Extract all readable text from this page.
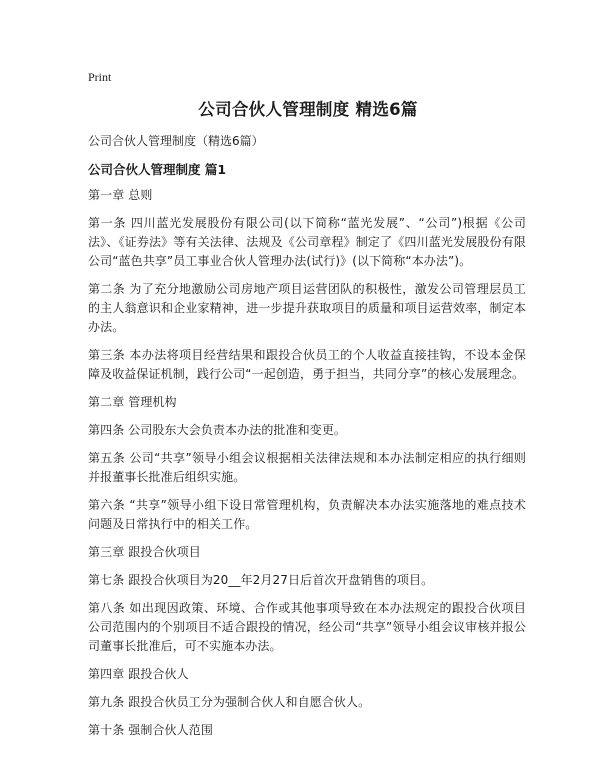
Print
公司合伙人管理制度 精选6篇
公司合伙人管理制度（精选6篇）
公司合伙人管理制度 篇1

第一章 总则

第一条 四川蓝光发展股份有限公司(以下简称“蓝光发展”、“公司”)根据《公司法》、《证券法》等有关法律、法规及《公司章程》制定了《四川蓝光发展股份有限公司“蓝色共享”员工事业合伙人管理办法(试行)》(以下简称“本办法”)。

第二条 为了充分地激励公司房地产项目运营团队的积极性，激发公司管理层员工的主人翁意识和企业家精神，进一步提升获取项目的质量和项目运营效率，制定本办法。

第三条 本办法将项目经营结果和跟投合伙员工的个人收益直接挂钩，不设本金保障及收益保证机制，践行公司“一起创造，勇于担当，共同分享”的核心发展理念。

第二章 管理机构

第四条 公司股东大会负责本办法的批准和变更。

第五条 公司“共享”领导小组会议根据相关法律法规和本办法制定相应的执行细则并报董事长批准后组织实施。

第六条 “共享”领导小组下设日常管理机构，负责解决本办法实施落地的难点技术问题及日常执行中的相关工作。

第三章 跟投合伙项目

第七条 跟投合伙项目为20__年2月27日后首次开盘销售的项目。

第八条 如出现因政策、环境、合作或其他事项导致在本办法规定的跟投合伙项目公司范围内的个别项目不适合跟投的情况，经公司“共享”领导小组会议审核并报公司董事长批准后，可不实施本办法。

第四章 跟投合伙人

第九条 跟投合伙员工分为强制合伙人和自愿合伙人。

第十条 强制合伙人范围
